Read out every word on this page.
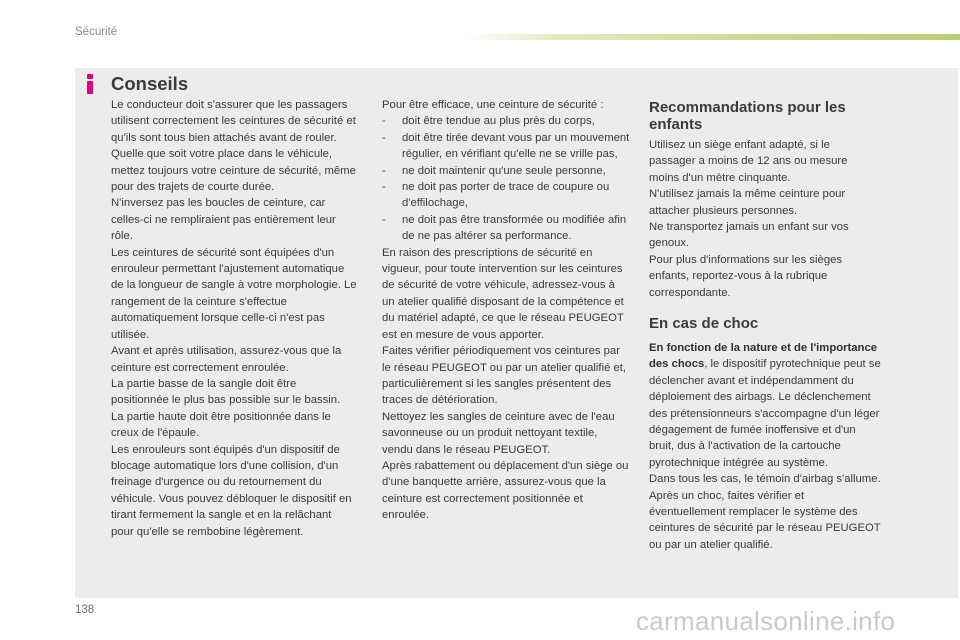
Sécurité
Conseils

Le conducteur doit s'assurer que les passagers utilisent correctement les ceintures de sécurité et qu'ils sont tous bien attachés avant de rouler.

Quelle que soit votre place dans le véhicule, mettez toujours votre ceinture de sécurité, même pour des trajets de courte durée.

N'inversez pas les boucles de ceinture, car celles-ci ne rempliraient pas entièrement leur rôle.

Les ceintures de sécurité sont équipées d'un enrouleur permettant l'ajustement automatique de la longueur de sangle à votre morphologie. Le rangement de la ceinture s'effectue automatiquement lorsque celle-ci n'est pas utilisée.

Avant et après utilisation, assurez-vous que la ceinture est correctement enroulée.

La partie basse de la sangle doit être positionnée le plus bas possible sur le bassin.

La partie haute doit être positionnée dans le creux de l'épaule.

Les enrouleurs sont équipés d'un dispositif de blocage automatique lors d'une collision, d'un freinage d'urgence ou du retournement du véhicule. Vous pouvez débloquer le dispositif en tirant fermement la sangle et en la relâchant pour qu'elle se rembobine légèrement.

Pour être efficace, une ceinture de sécurité :

- doit être tendue au plus près du corps,

- doit être tirée devant vous par un mouvement régulier, en vérifiant qu'elle ne se vrille pas,

- ne doit maintenir qu'une seule personne,

- ne doit pas porter de trace de coupure ou d'effilochage,

- ne doit pas être transformée ou modifiée afin de ne pas altérer sa performance.

En raison des prescriptions de sécurité en vigueur, pour toute intervention sur les ceintures de sécurité de votre véhicule, adressez-vous à un atelier qualifié disposant de la compétence et du matériel adapté, ce que le réseau PEUGEOT est en mesure de vous apporter.

Faites vérifier périodiquement vos ceintures par le réseau PEUGEOT ou par un atelier qualifié et, particulièrement si les sangles présentent des traces de détérioration.

Nettoyez les sangles de ceinture avec de l'eau savonneuse ou un produit nettoyant textile, vendu dans le réseau PEUGEOT.

Après rabattement ou déplacement d'un siège ou d'une banquette arrière, assurez-vous que la ceinture est correctement positionnée et enroulée.

Recommandations pour les enfants

Utilisez un siège enfant adapté, si le passager a moins de 12 ans ou mesure moins d'un mètre cinquante.

N'utilisez jamais la même ceinture pour attacher plusieurs personnes.

Ne transportez jamais un enfant sur vos genoux.

Pour plus d'informations sur les sièges enfants, reportez-vous à la rubrique correspondante.

En cas de choc

En fonction de la nature et de l'importance des chocs, le dispositif pyrotechnique peut se déclencher avant et indépendamment du déploiement des airbags. Le déclenchement des prétensionneurs s'accompagne d'un léger dégagement de fumée inoffensive et d'un bruit, dus à l'activation de la cartouche pyrotechnique intégrée au système.

Dans tous les cas, le témoin d'airbag s'allume.

Après un choc, faites vérifier et éventuellement remplacer le système des ceintures de sécurité par le réseau PEUGEOT ou par un atelier qualifié.

138	carmanualsonline.info
